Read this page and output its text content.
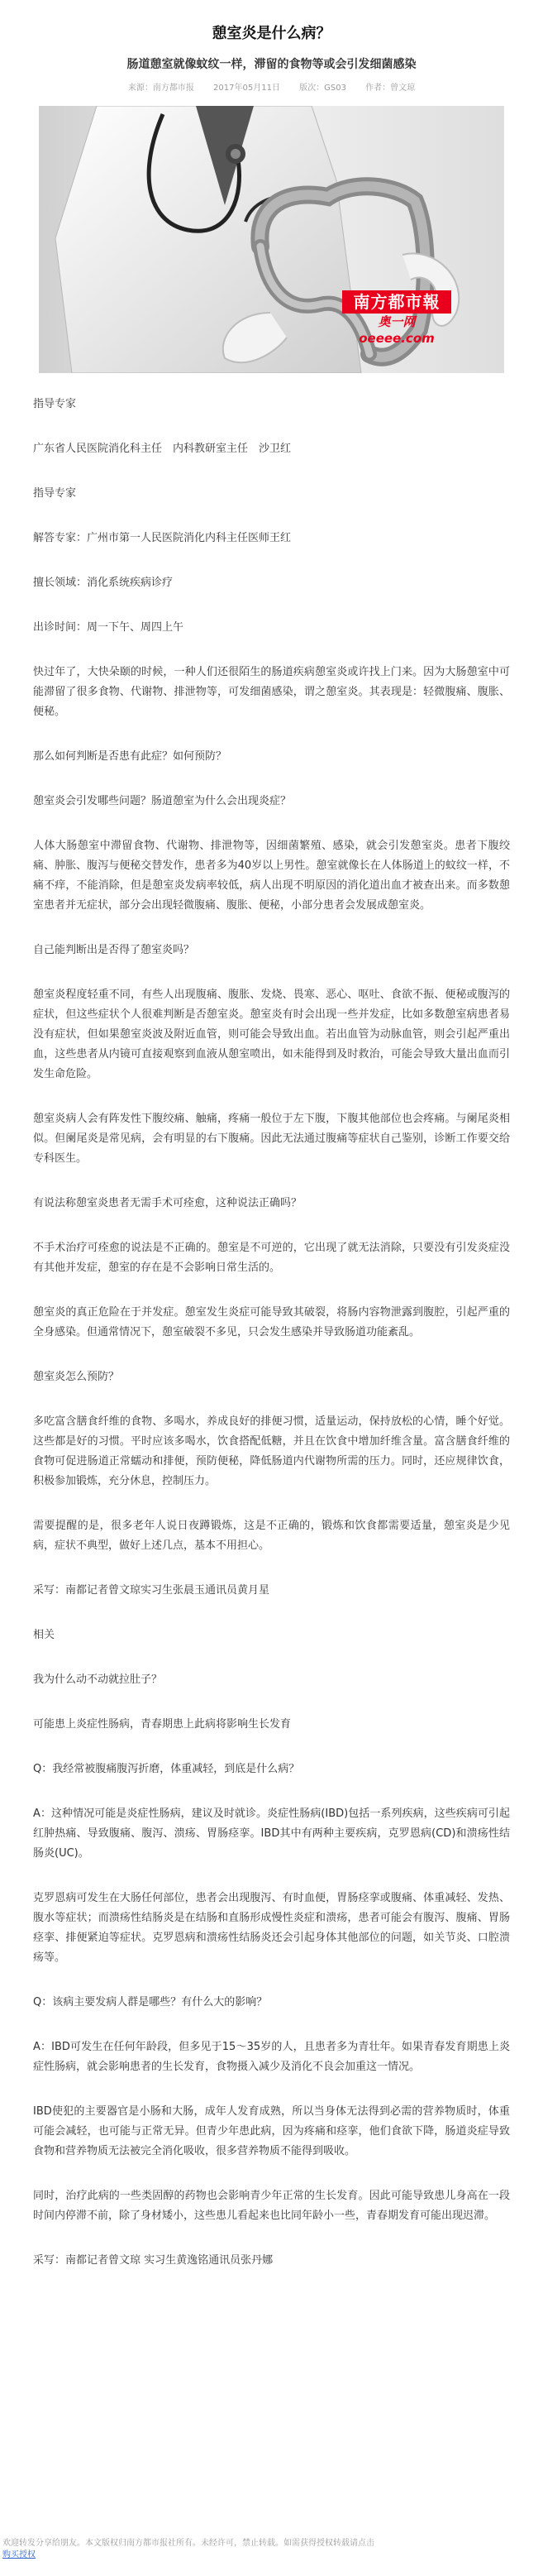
憩室炎是什么病？
肠道憩室就像蚊纹一样，滞留的食物等或会引发细菌感染
来源：南方都市报 2017年05月11日 版次：GS03 作者：曾文琼
南方都市報
奥一网oeeee.com

指导专家

广东省人民医院消化科主任　内科教研室主任　沙卫红

指导专家

解答专家：广州市第一人民医院消化内科主任医师王红

擅长领域：消化系统疾病诊疗

出诊时间：周一下午、周四上午

快过年了，大快朵颐的时候，一种人们还很陌生的肠道疾病憩室炎或许找上门来。因为大肠憩室中可能滞留了很多食物、代谢物、排泄物等，可发细菌感染，谓之憩室炎。其表现是：轻微腹痛、腹胀、便秘。

那么如何判断是否患有此症？如何预防？

憩室炎会引发哪些问题？肠道憩室为什么会出现炎症？

人体大肠憩室中滞留食物、代谢物、排泄物等，因细菌繁殖、感染，就会引发憩室炎。患者下腹绞痛、肿胀、腹泻与便秘交替发作，患者多为40岁以上男性。憩室就像长在人体肠道上的蚊纹一样，不痛不痒，不能消除，但是憩室炎发病率较低，病人出现不明原因的消化道出血才被查出来。而多数憩室患者并无症状，部分会出现轻微腹痛、腹胀、便秘，小部分患者会发展成憩室炎。

自己能判断出是否得了憩室炎吗？

憩室炎程度轻重不同，有些人出现腹痛、腹胀、发烧、畏寒、恶心、呕吐、食欲不振、便秘或腹泻的症状，但这些症状个人很难判断是否憩室炎。憩室炎有时会出现一些并发症，比如多数憩室病患者易没有症状，但如果憩室炎波及附近血管，则可能会导致出血。若出血管为动脉血管，则会引起严重出血，这些患者从内镜可直接观察到血液从憩室喷出，如未能得到及时救治，可能会导致大量出血而引发生命危险。

憩室炎病人会有阵发性下腹绞痛、触痛，疼痛一般位于左下腹，下腹其他部位也会疼痛。与阑尾炎相似。但阑尾炎是常见病，会有明显的右下腹痛。因此无法通过腹痛等症状自己鉴别，诊断工作要交给专科医生。

有说法称憩室炎患者无需手术可痊愈，这种说法正确吗？

不手术治疗可痊愈的说法是不正确的。憩室是不可逆的，它出现了就无法消除，只要没有引发炎症没有其他并发症，憩室的存在是不会影响日常生活的。

憩室炎的真正危险在于并发症。憩室发生炎症可能导致其破裂，将肠内容物泄露到腹腔，引起严重的全身感染。但通常情况下，憩室破裂不多见，只会发生感染并导致肠道功能紊乱。

憩室炎怎么预防？

多吃富含膳食纤维的食物、多喝水，养成良好的排便习惯，适量运动，保持放松的心情，睡个好觉。这些都是好的习惯。平时应该多喝水，饮食搭配低糖，并且在饮食中增加纤维含量。富含膳食纤维的食物可促进肠道正常蠕动和排便，预防便秘，降低肠道内代谢物所需的压力。同时，还应规律饮食，积极参加锻炼，充分休息，控制压力。

需要提醒的是，很多老年人说日夜蹲锻炼，这是不正确的，锻炼和饮食都需要适量，憩室炎是少见病，症状不典型，做好上述几点，基本不用担心。

采写：南都记者曾文琼实习生张晨玉通讯员黄月星

相关

我为什么动不动就拉肚子？

可能患上炎症性肠病，青春期患上此病将影响生长发育

Q：我经常被腹痛腹泻折磨，体重减轻，到底是什么病？

A：这种情况可能是炎症性肠病，建议及时就诊。炎症性肠病(IBD)包括一系列疾病，这些疾病可引起红肿热痛、导致腹痛、腹泻、溃疡、胃肠痉挛。IBD其中有两种主要疾病，克罗恩病(CD)和溃疡性结肠炎(UC)。

克罗恩病可发生在大肠任何部位，患者会出现腹泻、有时血便，胃肠痉挛或腹痛、体重减轻、发热、腹水等症状；而溃疡性结肠炎是在结肠和直肠形成慢性炎症和溃疡，患者可能会有腹泻、腹痛、胃肠痉挛、排便紧迫等症状。克罗恩病和溃疡性结肠炎还会引起身体其他部位的问题，如关节炎、口腔溃疡等。

Q：该病主要发病人群是哪些？有什么大的影响？

A：IBD可发生在任何年龄段，但多见于15～35岁的人，且患者多为青壮年。如果青春发育期患上炎症性肠病，就会影响患者的生长发育，食物摄入减少及消化不良会加重这一情况。

IBD使犯的主要器官是小肠和大肠，成年人发育成熟，所以当身体无法得到必需的营养物质时，体重可能会减轻，也可能与正常无异。但青少年患此病，因为疼痛和痉挛，他们食欲下降，肠道炎症导致食物和营养物质无法被完全消化吸收，很多营养物质不能得到吸收。

同时，治疗此病的一些类固醇的药物也会影响青少年正常的生长发育。因此可能导致患儿身高在一段时间内停滞不前，除了身材矮小，这些患儿看起来也比同年龄小一些，青春期发育可能出现迟滞。

采写：南都记者曾文琼 实习生黄逸铭通讯员张丹娜

欢迎转发分享给朋友。本文版权归南方都市报社所有。未经许可，禁止转载。如需获得授权转载请点击

购买授权
